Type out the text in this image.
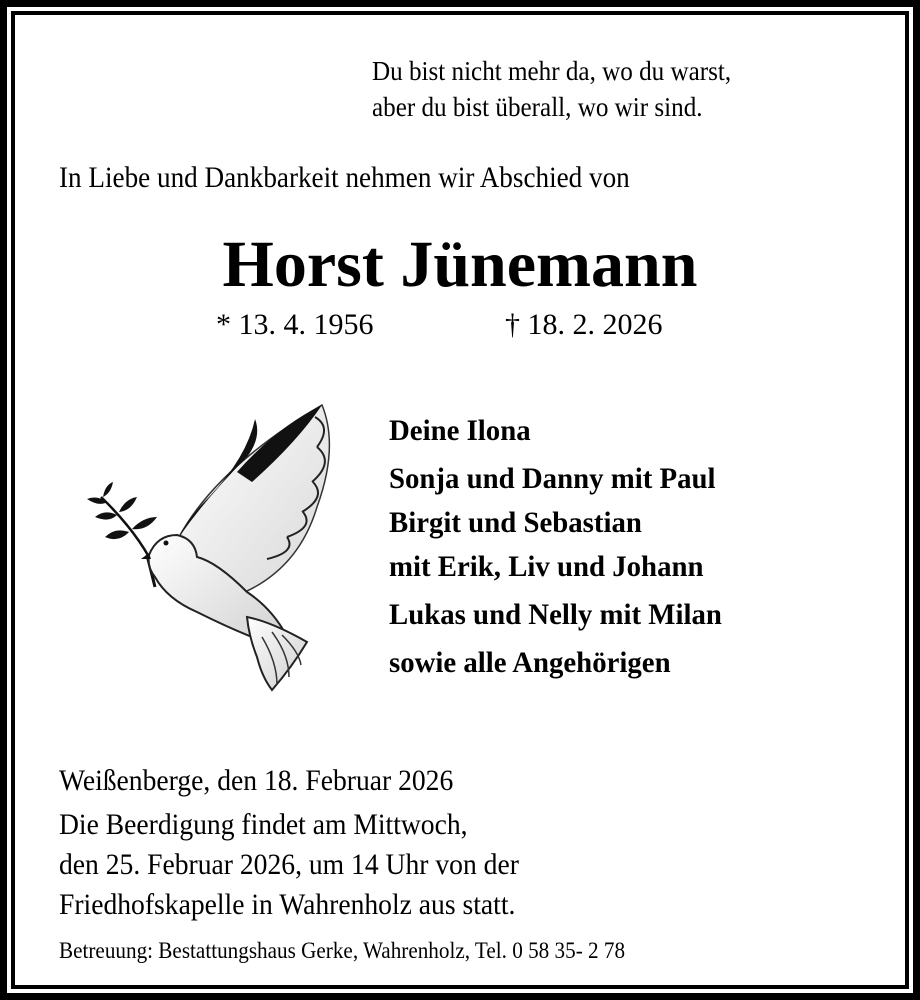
Du bist nicht mehr da, wo du warst,
aber du bist überall, wo wir sind.
In Liebe und Dankbarkeit nehmen wir Abschied von
Horst Jünemann
* 13. 4. 1956	† 18. 2. 2026
Deine Ilona
Sonja und Danny mit Paul
Birgit und Sebastian
mit Erik, Liv und Johann
Lukas und Nelly mit Milan
sowie alle Angehörigen
Weißenberge, den 18. Februar 2026
Die Beerdigung findet am Mittwoch,
den 25. Februar 2026, um 14 Uhr von der
Friedhofskapelle in Wahrenholz aus statt.
Betreuung: Bestattungshaus Gerke, Wahrenholz, Tel. 0 58 35- 2 78
